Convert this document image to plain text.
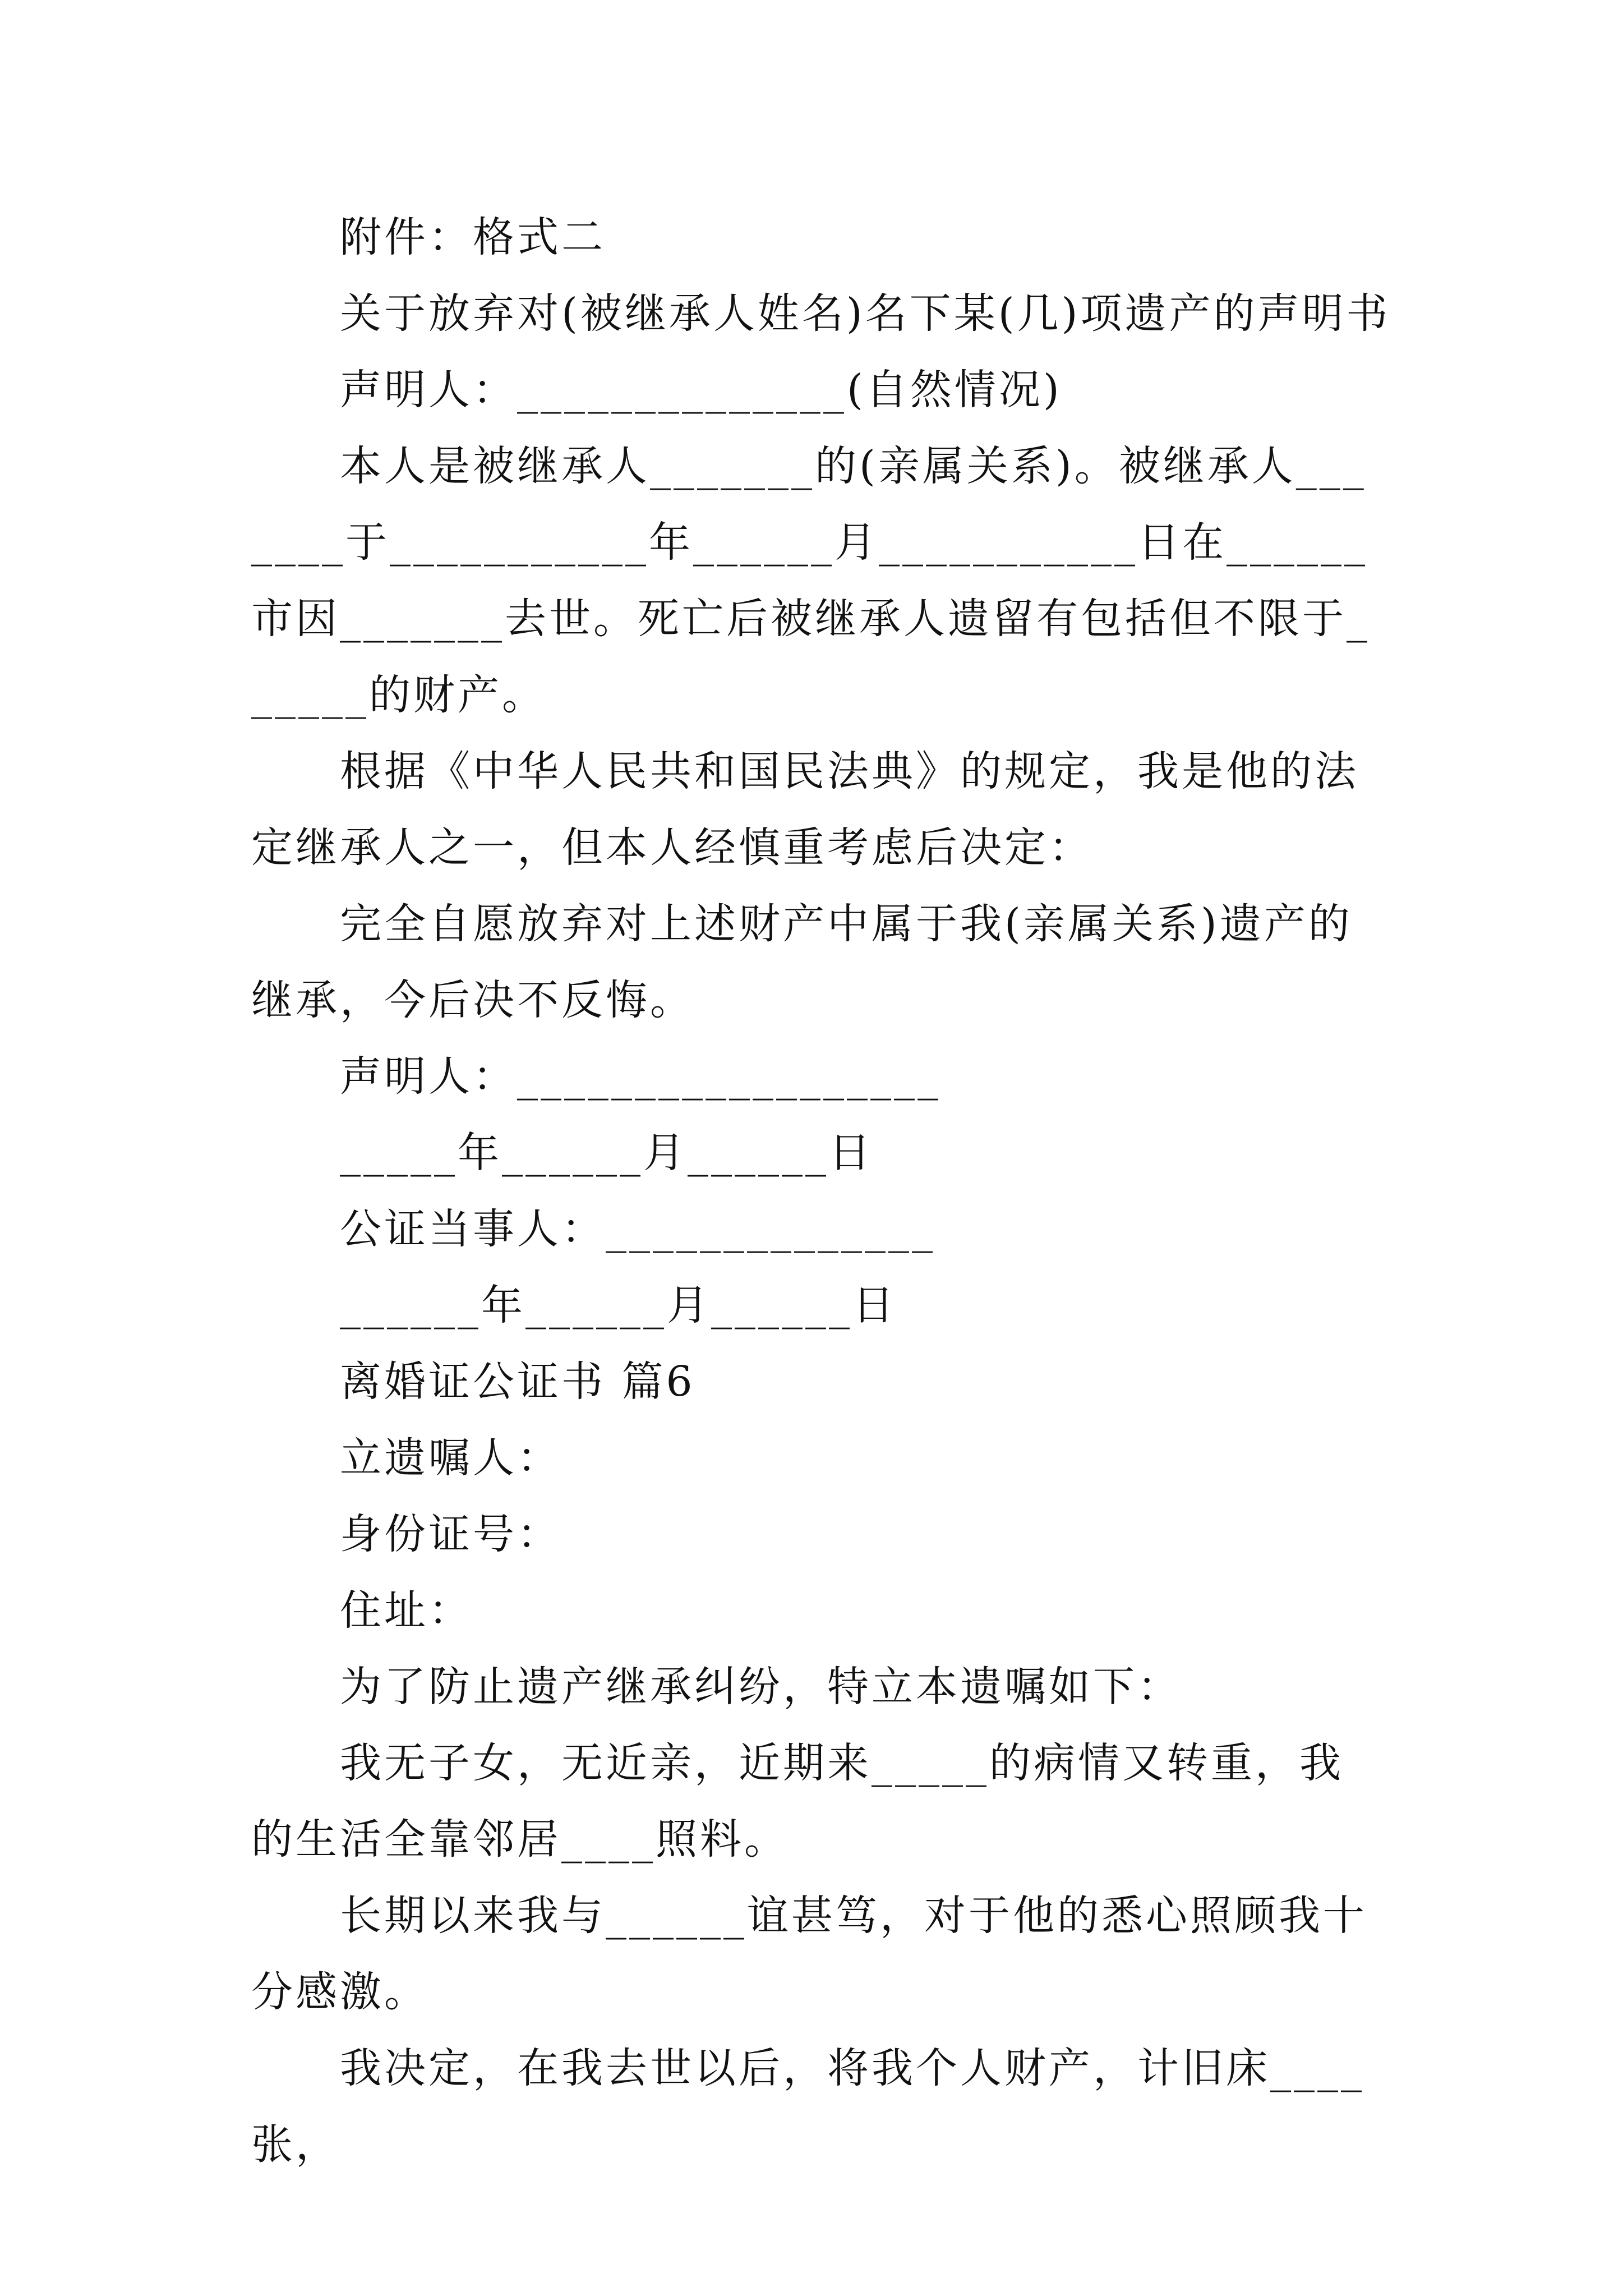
附件：格式二

关于放弃对(被继承人姓名)名下某(几)项遗产的声明书

声明人：______________(自然情况)

本人是被继承人_______的(亲属关系)。被继承人_______于___________年______月___________日在______市因_______去世。死亡后被继承人遗留有包括但不限于______的财产。

根据《中华人民共和国民法典》的规定，我是他的法定继承人之一，但本人经慎重考虑后决定：

完全自愿放弃对上述财产中属于我(亲属关系)遗产的继承，今后决不反悔。

声明人：__________________

_____年______月______日

公证当事人：______________

______年______月______日

离婚证公证书 篇6

立遗嘱人：

身份证号：

住址：

为了防止遗产继承纠纷，特立本遗嘱如下：

我无子女，无近亲，近期来_____的病情又转重，我的生活全靠邻居____照料。

长期以来我与______谊甚笃，对于他的悉心照顾我十分感激。

我决定，在我去世以后，将我个人财产，计旧床____张，
